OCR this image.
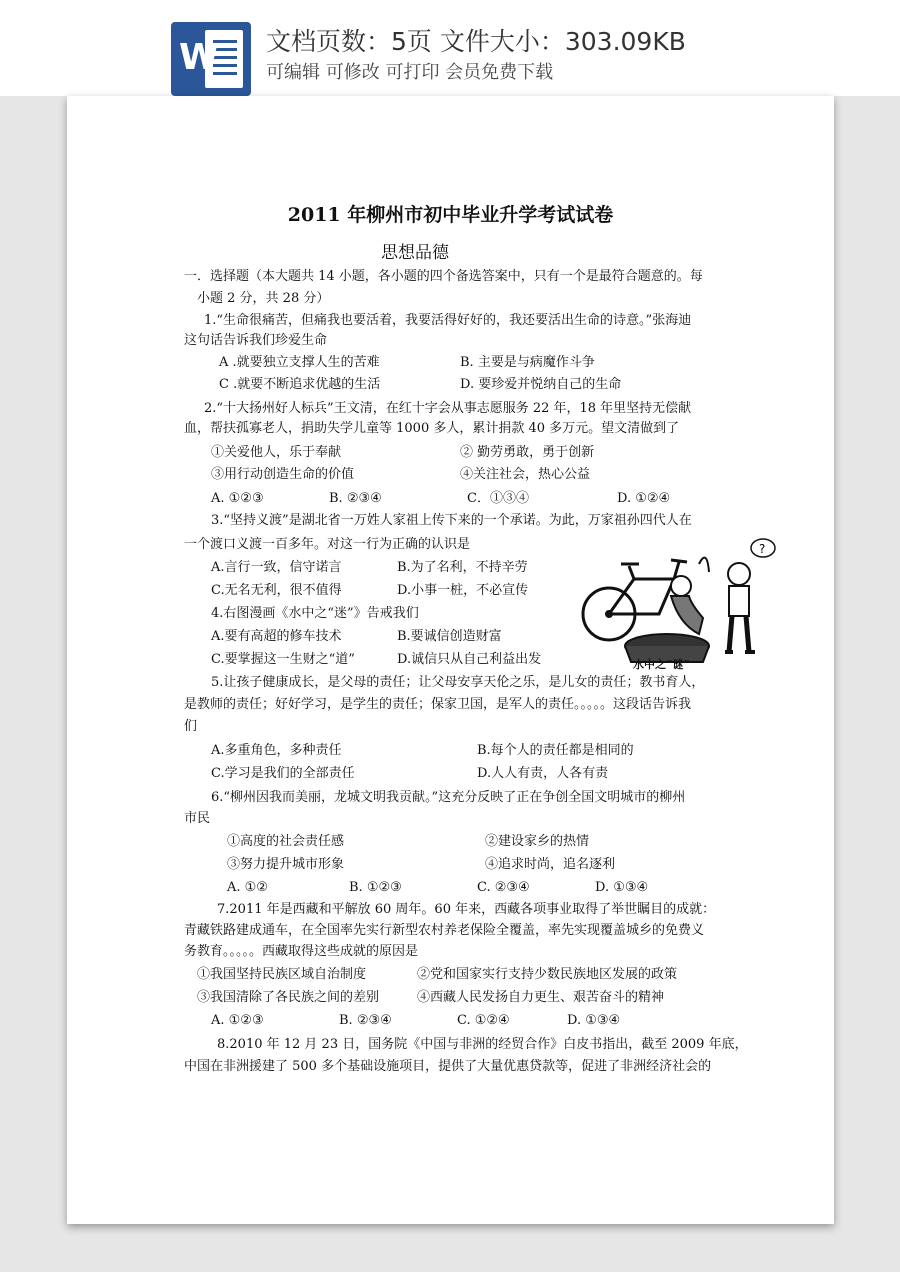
W 文档页数：5页 文件大小：303.09KB
可编辑 可修改 可打印 会员免费下载
2011 年柳州市初中毕业升学考试试卷
思想品德
一．选择题（本大题共 14 小题，各小题的四个备选答案中，只有一个是最符合题意的。每
小题 2 分，共 28 分）
1.“生命很痛苦，但痛我也要活着，我要活得好好的，我还要活出生命的诗意。”张海迪
这句话告诉我们珍爱生命
A .就要独立支撑人生的苦难	B. 主要是与病魔作斗争
C .就要不断追求优越的生活	D. 要珍爱并悦纳自己的生命
2.“十大扬州好人标兵”王文清，在红十字会从事志愿服务 22 年，18 年里坚持无偿献
血，帮扶孤寡老人，捐助失学儿童等 1000 多人，累计捐款 40 多万元。望文清做到了
①关爱他人，乐于奉献	② 勤劳勇敢，勇于创新
③用行动创造生命的价值	④关注社会，热心公益
A. ①②③	B. ②③④	C．①③④	D. ①②④
3.“坚持义渡”是湖北省一万姓人家祖上传下来的一个承诺。为此，万家祖孙四代人在
一个渡口义渡一百多年。对这一行为正确的认识是
A.言行一致，信守诺言	B.为了名利，不持辛劳
C.无名无利，很不值得	D.小事一桩，不必宣传
4.右图漫画《水中之“迷”》告戒我们
A.要有高超的修车技术	B.要诚信创造财富
C.要掌握这一生财之“道”	D.诚信只从自己利益出发
5.让孩子健康成长，是父母的责任；让父母安享天伦之乐，是儿女的责任；教书育人，
是教师的责任；好好学习，是学生的责任；保家卫国，是军人的责任。。。。。这段话告诉我
们
A.多重角色，多种责任	B.每个人的责任都是相同的
C.学习是我们的全部责任	D.人人有责，人各有责
6.“柳州因我而美丽，龙城文明我贡献。”这充分反映了正在争创全国文明城市的柳州
市民
①高度的社会责任感	②建设家乡的热情
③努力提升城市形象	④追求时尚，追名逐利
A. ①②	B. ①②③	C. ②③④	D. ①③④
7.2011 年是西藏和平解放 60 周年。60 年来，西藏各项事业取得了举世瞩目的成就：
青藏铁路建成通车，在全国率先实行新型农村养老保险全覆盖，率先实现覆盖城乡的免费义
务教育。。。。。西藏取得这些成就的原因是
①我国坚持民族区域自治制度	②党和国家实行支持少数民族地区发展的政策
③我国清除了各民族之间的差别	④西藏人民发扬自力更生、艰苦奋斗的精神
A. ①②③	B. ②③④	C. ①②④	D. ①③④
8.2010 年 12 月 23 日，国务院《中国与非洲的经贸合作》白皮书指出，截至 2009 年底，
中国在非洲援建了 500 多个基础设施项目，提供了大量优惠贷款等，促进了非洲经济社会的
?
水中之“谜”
